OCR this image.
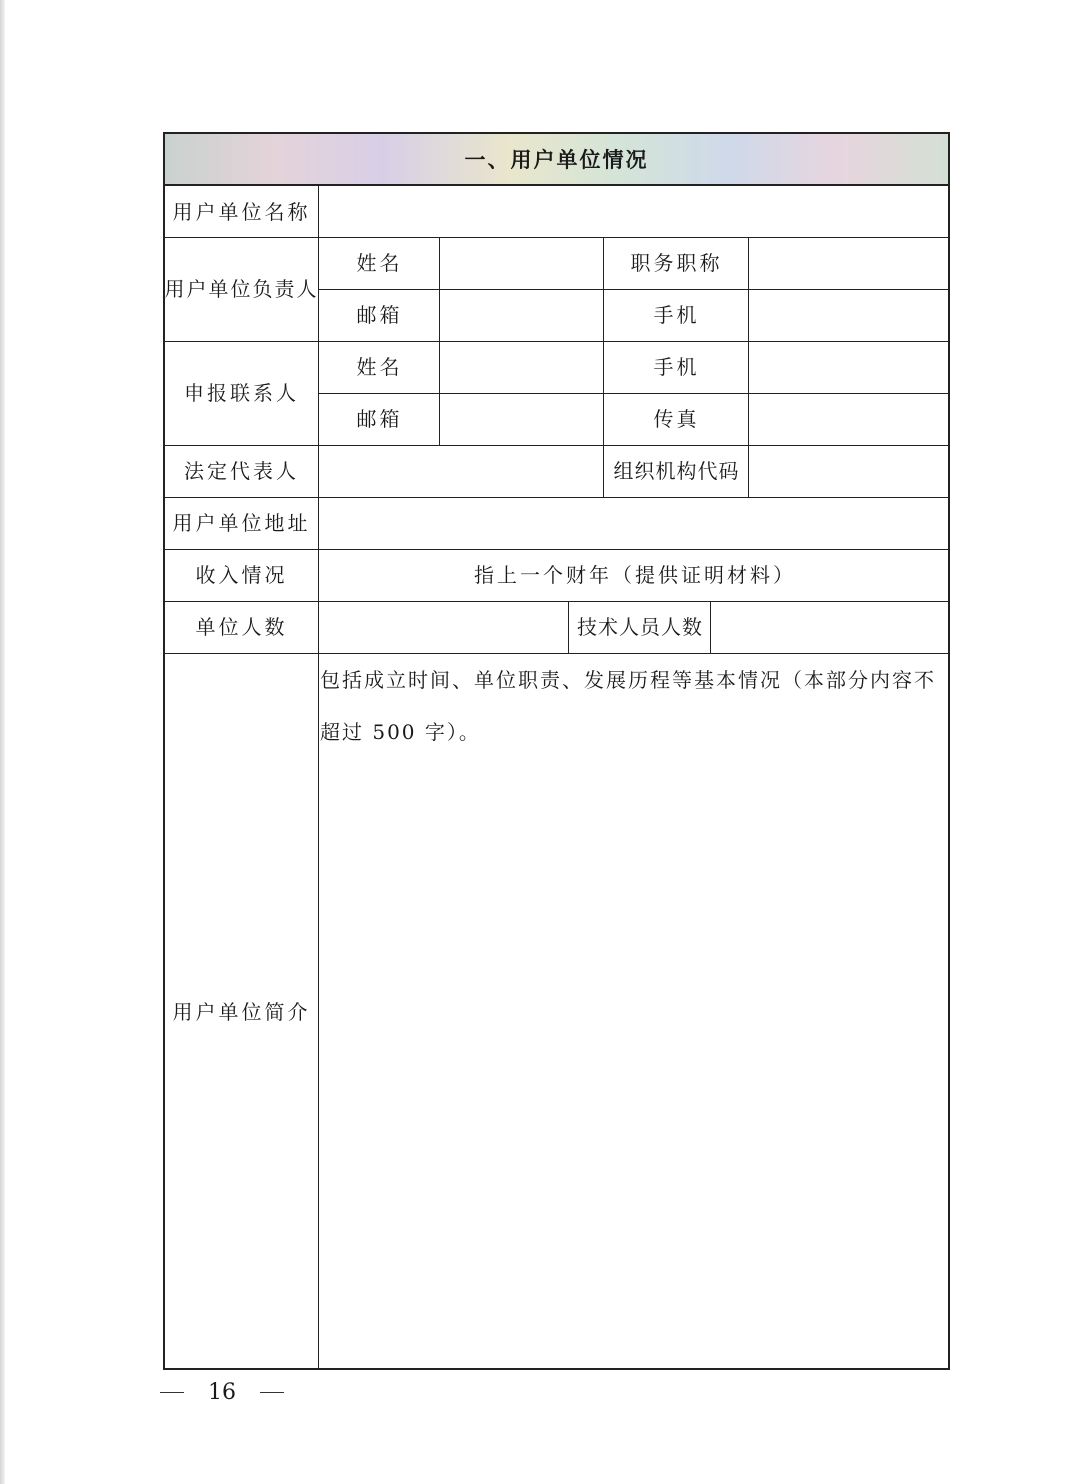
一、用户单位情况
用户单位名称
用户单位负责人
姓名	职务职称
邮箱	手机
申报联系人
姓名	手机
邮箱	传真
法定代表人	组织机构代码
用户单位地址
收入情况	指上一个财年（提供证明材料）
单位人数	技术人员人数
用户单位简介
包括成立时间、单位职责、发展历程等基本情况（本部分内容不超过 500 字）。
16
